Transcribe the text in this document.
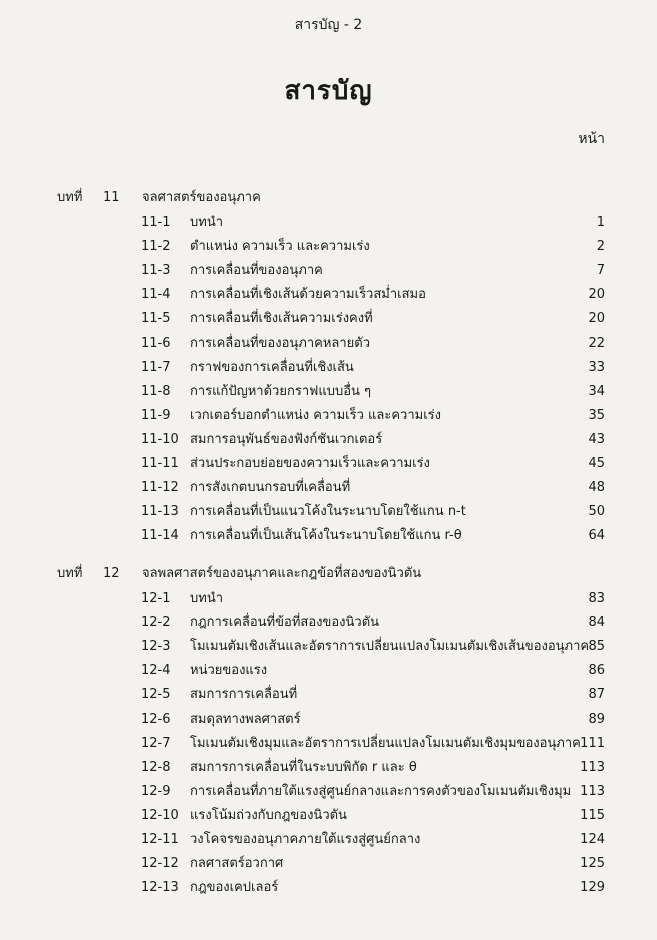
สารบัญ - 2
สารบัญ
หน้า
บทที่ 11 จลศาสตร์ของอนุภาค
11-1	บทนำ	1
11-2	ตำแหน่ง ความเร็ว และความเร่ง	2
11-3	การเคลื่อนที่ของอนุภาค	7
11-4	การเคลื่อนที่เชิงเส้นด้วยความเร็วสม่ำเสมอ	20
11-5	การเคลื่อนที่เชิงเส้นความเร่งคงที่	20
11-6	การเคลื่อนที่ของอนุภาคหลายตัว	22
11-7	กราฟของการเคลื่อนที่เชิงเส้น	33
11-8	การแก้ปัญหาด้วยกราฟแบบอื่น ๆ	34
11-9	เวกเตอร์บอกตำแหน่ง ความเร็ว และความเร่ง	35
11-10 สมการอนุพันธ์ของฟังก์ชันเวกเตอร์	43
11-11 ส่วนประกอบย่อยของความเร็วและความเร่ง	45
11-12 การสังเกตบนกรอบที่เคลื่อนที่	48
11-13 การเคลื่อนที่เป็นแนวโค้งในระนาบโดยใช้แกน n-t	50
11-14 การเคลื่อนที่เป็นเส้นโค้งในระนาบโดยใช้แกน r-θ	64
บทที่ 12 จลพลศาสตร์ของอนุภาคและกฎข้อที่สองของนิวตัน
12-1	บทนำ	83
12-2	กฎการเคลื่อนที่ข้อที่สองของนิวตัน	84
12-3	โมเมนตัมเชิงเส้นและอัตราการเปลี่ยนแปลงโมเมนตัมเชิงเส้นของอนุภาค 85
12-4	หน่วยของแรง	86
12-5	สมการการเคลื่อนที่	87
12-6	สมดุลทางพลศาสตร์	89
12-7	โมเมนตัมเชิงมุมและอัตราการเปลี่ยนแปลงโมเมนตัมเชิงมุมของอนุภาค 111
12-8	สมการการเคลื่อนที่ในระบบพิกัด r และ θ	113
12-9	การเคลื่อนที่ภายใต้แรงสู่ศูนย์กลางและการคงตัวของโมเมนตัมเชิงมุม 113
12-10 แรงโน้มถ่วงกับกฎของนิวตัน	115
12-11 วงโคจรของอนุภาคภายใต้แรงสู่ศูนย์กลาง	124
12-12 กลศาสตร์อวกาศ	125
12-13 กฎของเคปเลอร์	129
